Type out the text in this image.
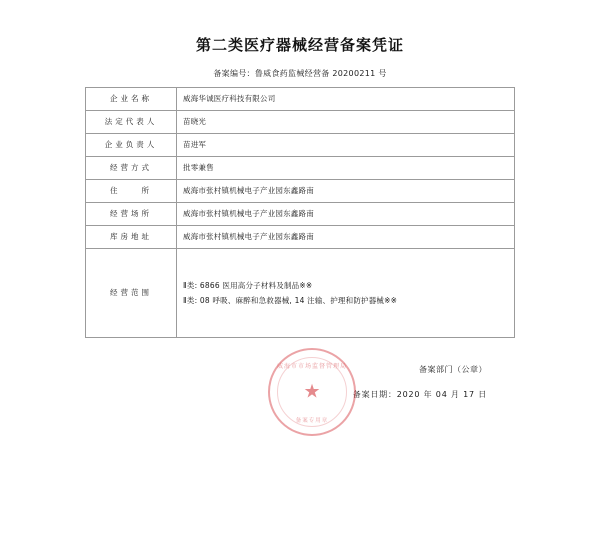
第二类医疗器械经营备案凭证
备案编号：鲁威食药监械经营备 20200211 号
企业名称	威海华诚医疗科技有限公司
法定代表人	苗晓光
企业负责人	苗进军
经营方式	批零兼售
住　　所	威海市张村镇机械电子产业园东鑫路南
经营场所	威海市张村镇机械电子产业园东鑫路南
库房地址	威海市张村镇机械电子产业园东鑫路南
经营范围	Ⅱ类: 6866 医用高分子材料及制品※※
Ⅱ类: 08 呼吸、麻醉和急救器械, 14 注输、护理和防护器械※※
备案部门（公章）
备案日期：2020 年 04 月 17 日
威海市市场监督管理局
★
备案专用章
